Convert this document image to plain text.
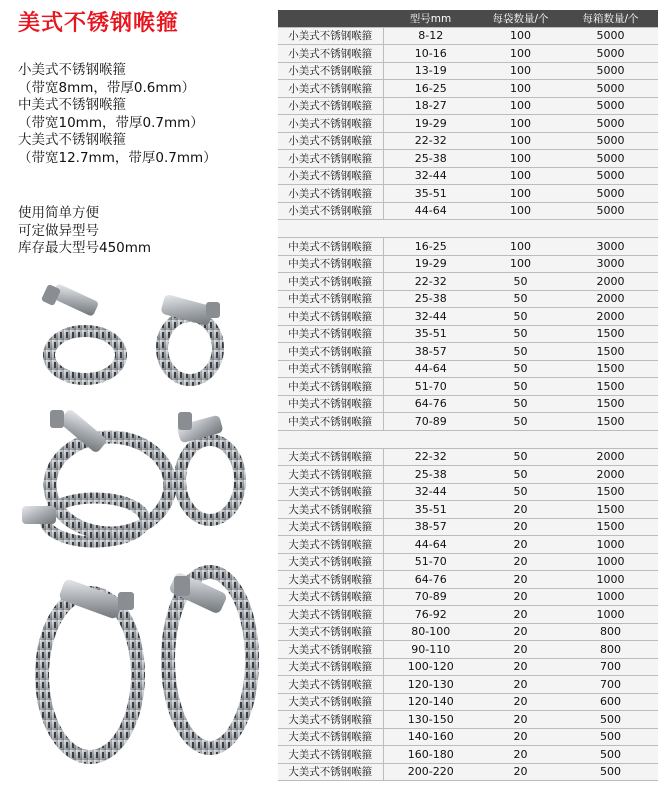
美式不锈钢喉箍
小美式不锈钢喉箍
（带宽8mm，带厚0.6mm）
中美式不锈钢喉箍
（带宽10mm，带厚0.7mm）
大美式不锈钢喉箍
（带宽12.7mm，带厚0.7mm）
使用简单方便
可定做异型号
库存最大型号450mm
	型号mm	每袋数量/个	每箱数量/个
小美式不锈钢喉箍	8-12	100	5000
小美式不锈钢喉箍	10-16	100	5000
小美式不锈钢喉箍	13-19	100	5000
小美式不锈钢喉箍	16-25	100	5000
小美式不锈钢喉箍	18-27	100	5000
小美式不锈钢喉箍	19-29	100	5000
小美式不锈钢喉箍	22-32	100	5000
小美式不锈钢喉箍	25-38	100	5000
小美式不锈钢喉箍	32-44	100	5000
小美式不锈钢喉箍	35-51	100	5000
小美式不锈钢喉箍	44-64	100	5000

中美式不锈钢喉箍	16-25	100	3000
中美式不锈钢喉箍	19-29	100	3000
中美式不锈钢喉箍	22-32	50	2000
中美式不锈钢喉箍	25-38	50	2000
中美式不锈钢喉箍	32-44	50	2000
中美式不锈钢喉箍	35-51	50	1500
中美式不锈钢喉箍	38-57	50	1500
中美式不锈钢喉箍	44-64	50	1500
中美式不锈钢喉箍	51-70	50	1500
中美式不锈钢喉箍	64-76	50	1500
中美式不锈钢喉箍	70-89	50	1500

大美式不锈钢喉箍	22-32	50	2000
大美式不锈钢喉箍	25-38	50	2000
大美式不锈钢喉箍	32-44	50	1500
大美式不锈钢喉箍	35-51	20	1500
大美式不锈钢喉箍	38-57	20	1500
大美式不锈钢喉箍	44-64	20	1000
大美式不锈钢喉箍	51-70	20	1000
大美式不锈钢喉箍	64-76	20	1000
大美式不锈钢喉箍	70-89	20	1000
大美式不锈钢喉箍	76-92	20	1000
大美式不锈钢喉箍	80-100	20	800
大美式不锈钢喉箍	90-110	20	800
大美式不锈钢喉箍	100-120	20	700
大美式不锈钢喉箍	120-130	20	700
大美式不锈钢喉箍	120-140	20	600
大美式不锈钢喉箍	130-150	20	500
大美式不锈钢喉箍	140-160	20	500
大美式不锈钢喉箍	160-180	20	500
大美式不锈钢喉箍	200-220	20	500
